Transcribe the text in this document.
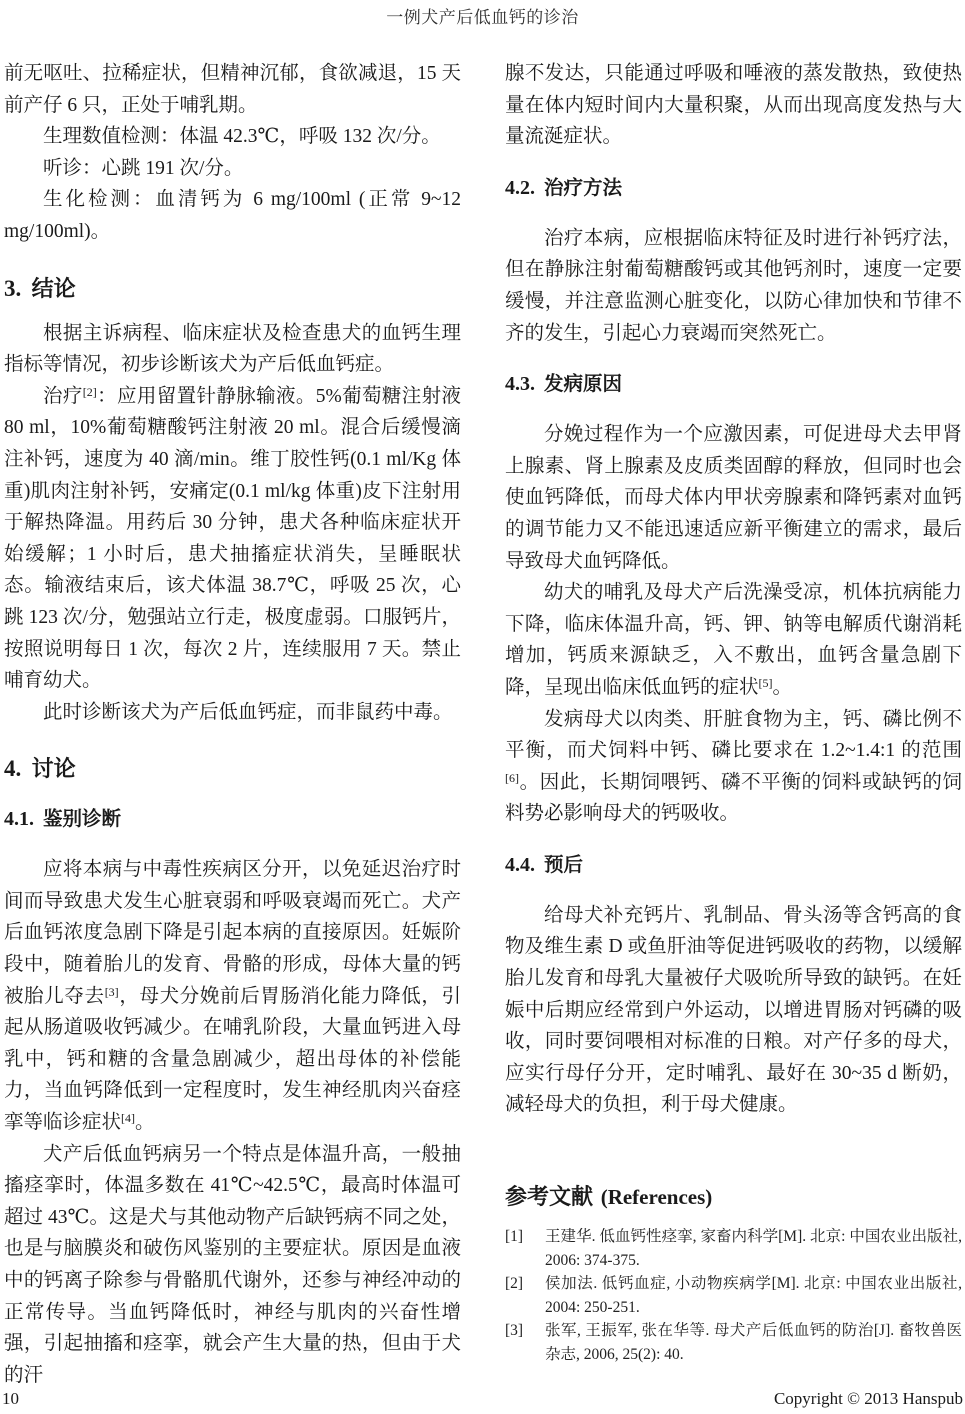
一例犬产后低血钙的诊治

前无呕吐、拉稀症状，但精神沉郁，食欲减退，15 天前产仔 6 只，正处于哺乳期。

生理数值检测：体温 42.3℃，呼吸 132 次/分。

听诊：心跳 191 次/分。

生化检测：血清钙为 6 mg/100ml (正常 9~12 mg/100ml)。

3. 结论

根据主诉病程、临床症状及检查患犬的血钙生理指标等情况，初步诊断该犬为产后低血钙症。

治疗[2]：应用留置针静脉输液。5%葡萄糖注射液 80 ml，10%葡萄糖酸钙注射液 20 ml。混合后缓慢滴注补钙，速度为 40 滴/min。维丁胶性钙(0.1 ml/Kg 体重)肌肉注射补钙，安痛定(0.1 ml/kg 体重)皮下注射用于解热降温。用药后 30 分钟，患犬各种临床症状开始缓解；1 小时后，患犬抽搐症状消失，呈睡眠状态。输液结束后，该犬体温 38.7℃，呼吸 25 次，心跳 123 次/分，勉强站立行走，极度虚弱。口服钙片，按照说明每日 1 次，每次 2 片，连续服用 7 天。禁止哺育幼犬。

此时诊断该犬为产后低血钙症，而非鼠药中毒。

4. 讨论
4.1. 鉴别诊断

应将本病与中毒性疾病区分开，以免延迟治疗时间而导致患犬发生心脏衰弱和呼吸衰竭而死亡。犬产后血钙浓度急剧下降是引起本病的直接原因。妊娠阶段中，随着胎儿的发育、骨骼的形成，母体大量的钙被胎儿夺去[3]，母犬分娩前后胃肠消化能力降低，引起从肠道吸收钙减少。在哺乳阶段，大量血钙进入母乳中，钙和糖的含量急剧减少，超出母体的补偿能力，当血钙降低到一定程度时，发生神经肌肉兴奋痉挛等临诊症状[4]。

犬产后低血钙病另一个特点是体温升高，一般抽搐痉挛时，体温多数在 41℃~42.5℃，最高时体温可超过 43℃。这是犬与其他动物产后缺钙病不同之处，也是与脑膜炎和破伤风鉴别的主要症状。原因是血液中的钙离子除参与骨骼肌代谢外，还参与神经冲动的正常传导。当血钙降低时，神经与肌肉的兴奋性增强，引起抽搐和痉挛，就会产生大量的热，但由于犬的汗

腺不发达，只能通过呼吸和唾液的蒸发散热，致使热量在体内短时间内大量积聚，从而出现高度发热与大量流涎症状。

4.2. 治疗方法

治疗本病，应根据临床特征及时进行补钙疗法，但在静脉注射葡萄糖酸钙或其他钙剂时，速度一定要缓慢，并注意监测心脏变化，以防心律加快和节律不齐的发生，引起心力衰竭而突然死亡。

4.3. 发病原因

分娩过程作为一个应激因素，可促进母犬去甲肾上腺素、肾上腺素及皮质类固醇的释放，但同时也会使血钙降低，而母犬体内甲状旁腺素和降钙素对血钙的调节能力又不能迅速适应新平衡建立的需求，最后导致母犬血钙降低。

幼犬的哺乳及母犬产后洗澡受凉，机体抗病能力下降，临床体温升高，钙、钾、钠等电解质代谢消耗增加，钙质来源缺乏，入不敷出，血钙含量急剧下降，呈现出临床低血钙的症状[5]。

发病母犬以肉类、肝脏食物为主，钙、磷比例不平衡，而犬饲料中钙、磷比要求在 1.2~1.4:1 的范围[6]。因此，长期饲喂钙、磷不平衡的饲料或缺钙的饲料势必影响母犬的钙吸收。

4.4. 预后

给母犬补充钙片、乳制品、骨头汤等含钙高的食物及维生素 D 或鱼肝油等促进钙吸收的药物，以缓解胎儿发育和母乳大量被仔犬吸吮所导致的缺钙。在妊娠中后期应经常到户外运动，以增进胃肠对钙磷的吸收，同时要饲喂相对标准的日粮。对产仔多的母犬，应实行母仔分开，定时哺乳、最好在 30~35 d 断奶，减轻母犬的负担，利于母犬健康。

参考文献 (References)
[1]	王建华. 低血钙性痉挛, 家畜内科学[M]. 北京: 中国农业出版社, 2006: 374-375.
[2]	侯加法. 低钙血症, 小动物疾病学[M]. 北京: 中国农业出版社, 2004: 250-251.
[3]	张军, 王振军, 张在华等. 母犬产后低血钙的防治[J]. 畜牧兽医杂志, 2006, 25(2): 40.
10	Copyright © 2013 Hanspub
